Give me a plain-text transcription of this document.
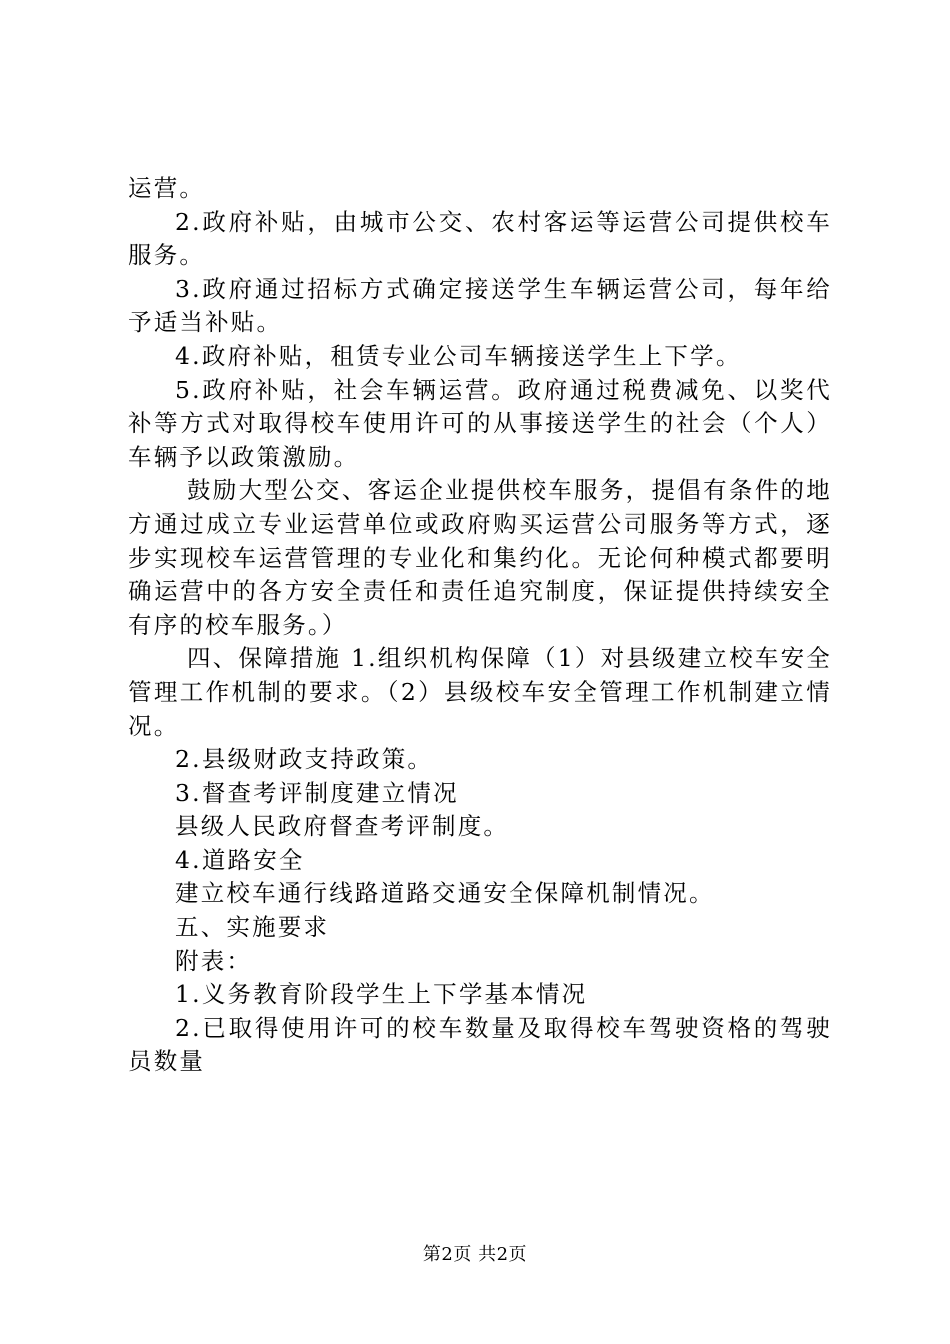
运营。
2.政府补贴，由城市公交、农村客运等运营公司提供校车
服务。
3.政府通过招标方式确定接送学生车辆运营公司，每年给
予适当补贴。
4.政府补贴，租赁专业公司车辆接送学生上下学。
5.政府补贴，社会车辆运营。政府通过税费减免、以奖代
补等方式对取得校车使用许可的从事接送学生的社会（个人）
车辆予以政策激励。
鼓励大型公交、客运企业提供校车服务，提倡有条件的地
方通过成立专业运营单位或政府购买运营公司服务等方式，逐
步实现校车运营管理的专业化和集约化。无论何种模式都要明
确运营中的各方安全责任和责任追究制度，保证提供持续安全
有序的校车服务。）
四、保障措施 1.组织机构保障（1）对县级建立校车安全
管理工作机制的要求。（2）县级校车安全管理工作机制建立情
况。
2.县级财政支持政策。
3.督查考评制度建立情况
县级人民政府督查考评制度。
4.道路安全
建立校车通行线路道路交通安全保障机制情况。
五、实施要求
附表：
1.义务教育阶段学生上下学基本情况
2.已取得使用许可的校车数量及取得校车驾驶资格的驾驶
员数量
第2页 共2页
